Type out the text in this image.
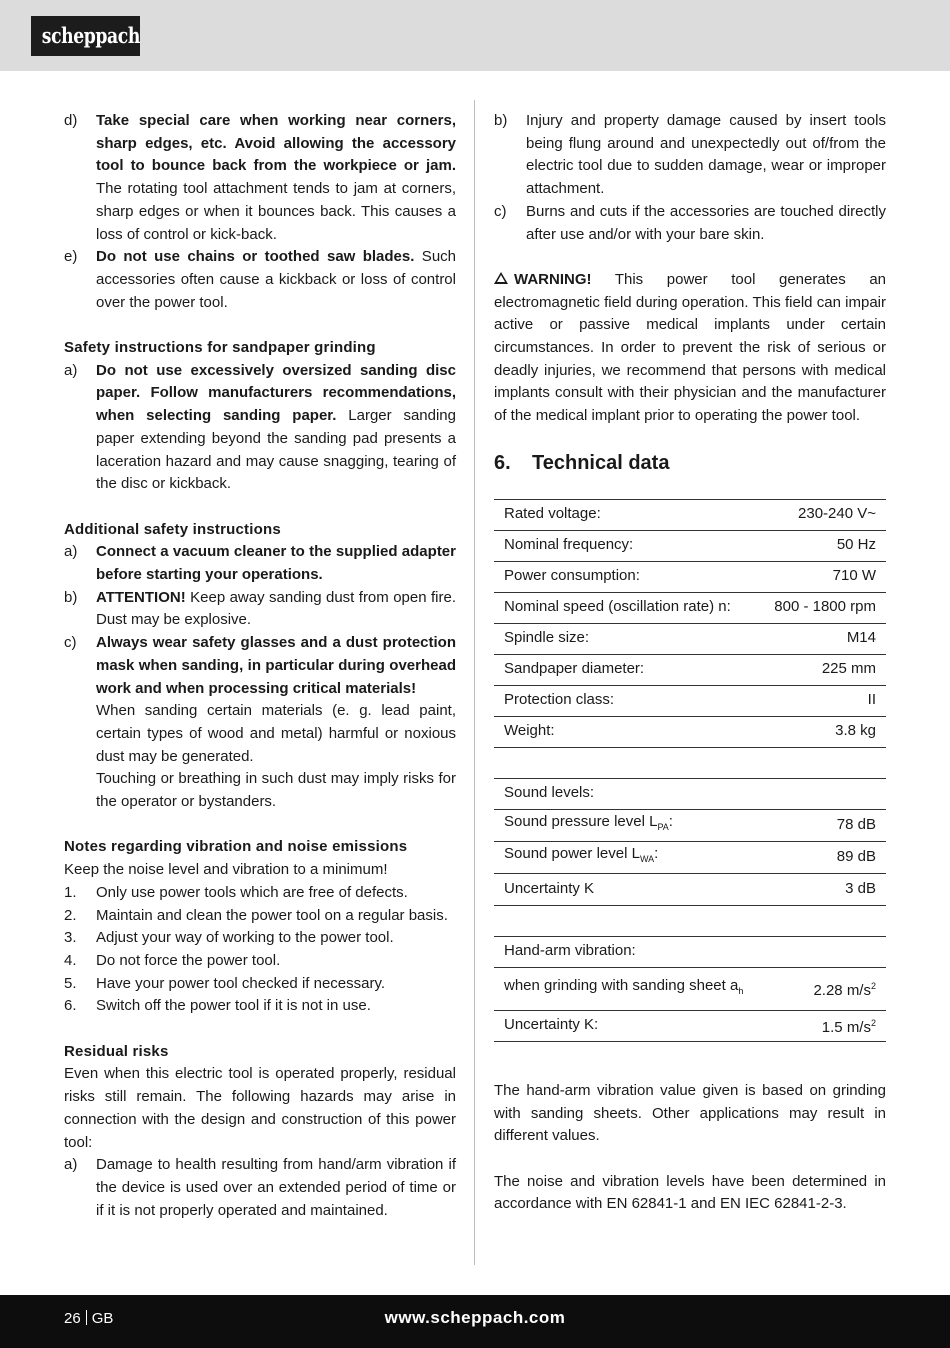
scheppach
d) Take special care when working near corners, sharp edges, etc. Avoid allowing the accessory tool to bounce back from the workpiece or jam. The rotating tool attachment tends to jam at corners, sharp edges or when it bounces back. This causes a loss of control or kick-back.
e) Do not use chains or toothed saw blades. Such accessories often cause a kickback or loss of control over the power tool.
Safety instructions for sandpaper grinding
a) Do not use excessively oversized sanding disc paper. Follow manufacturers recommendations, when selecting sanding paper. Larger sanding paper extending beyond the sanding pad presents a laceration hazard and may cause snagging, tearing of the disc or kickback.
Additional safety instructions
a) Connect a vacuum cleaner to the supplied adapter before starting your operations.
b) ATTENTION! Keep away sanding dust from open fire. Dust may be explosive.
c) Always wear safety glasses and a dust protection mask when sanding, in particular during overhead work and when processing critical materials!
When sanding certain materials (e. g. lead paint, certain types of wood and metal) harmful or noxious dust may be generated.
Touching or breathing in such dust may imply risks for the operator or bystanders.
Notes regarding vibration and noise emissions
Keep the noise level and vibration to a minimum!
1. Only use power tools which are free of defects.
2. Maintain and clean the power tool on a regular basis.
3. Adjust your way of working to the power tool.
4. Do not force the power tool.
5. Have your power tool checked if necessary.
6. Switch off the power tool if it is not in use.
Residual risks

Even when this electric tool is operated properly, residual risks still remain. The following hazards may arise in connection with the design and construction of this power tool:

a) Damage to health resulting from hand/arm vibration if the device is used over an extended period of time or if it is not properly operated and maintained.
b) Injury and property damage caused by insert tools being flung around and unexpectedly out of/from the electric tool due to sudden damage, wear or improper attachment.
c) Burns and cuts if the accessories are touched directly after use and/or with your bare skin.

WARNING! This power tool generates an electromagnetic field during operation. This field can impair active or passive medical implants under certain circumstances. In order to prevent the risk of serious or deadly injuries, we recommend that persons with medical implants consult with their physician and the manufacturer of the medical implant prior to operating the power tool.

6. Technical data
Rated voltage:	230-240 V~
Nominal frequency:	50 Hz
Power consumption:	710 W
Nominal speed (oscillation rate) n:	800 - 1800 rpm
Spindle size:	M14
Sandpaper diameter:	225 mm
Protection class:	II
Weight:	3.8 kg
Sound levels:	
Sound pressure level $L_{PA}$:	78 dB
Sound power level $L_{WA}$:	89 dB
Uncertainty K	3 dB
Hand-arm vibration:	
when grinding with sanding sheet $a_h$	2.28 $m/s^2$
Uncertainty K:	1.5 $m/s^2$

The hand-arm vibration value given is based on grinding with sanding sheets. Other applications may result in different values.

The noise and vibration levels have been determined in accordance with EN 62841-1 and EN IEC 62841-2-3.

26 GB	www.scheppach.com
